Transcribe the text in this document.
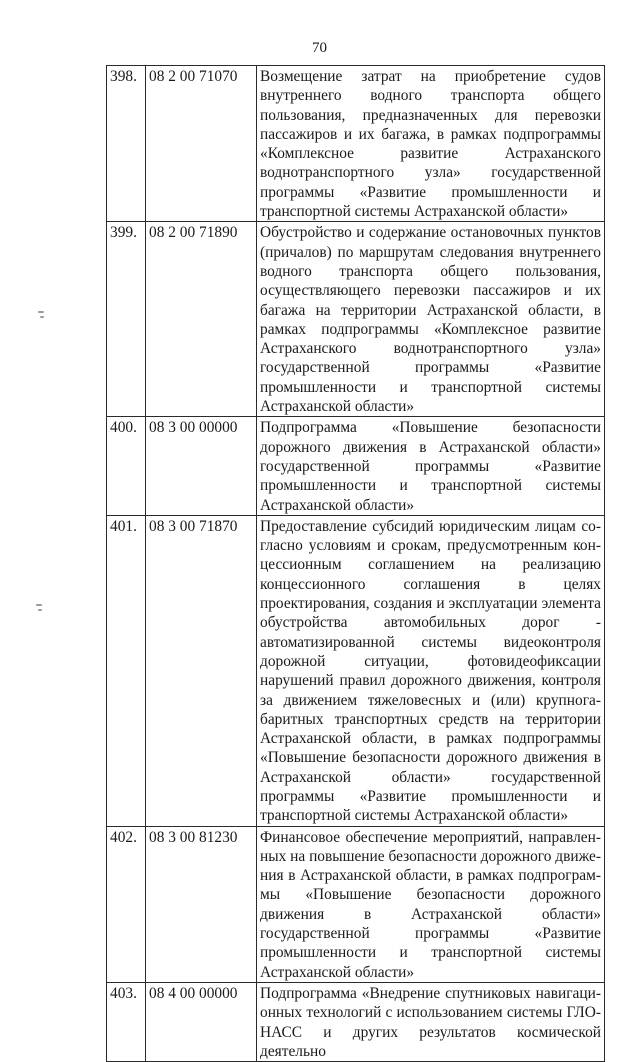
70
398.	08 2 00 71070	Возмещение затрат на приобретение судов внутреннего водного транспорта общего пользования, предназначенных для перевозки пассажиров и их багажа, в рамках подпрограммы «Комплексное развитие Астраханского воднотранспортного узла» государственной программы «Развитие промышленности и транспортной системы Астраханской области»
399.	08 2 00 71890	Обустройство и содержание остановочных пунктов (причалов) по маршрутам следования внутреннего водного транспорта общего пользования, осуществляющего перевозки пассажиров и их багажа на территории Астраханской области, в рамках подпрограммы «Комплексное развитие Астраханского воднотранспортного узла» государственной программы «Развитие промышленности и транспортной системы Астраханской области»
400.	08 3 00 00000	Подпрограмма «Повышение безопасности дорожного движения в Астраханской области» государственной программы «Развитие промышленности и транспортной системы Астраханской области»
401.	08 3 00 71870	Предоставление субсидий юридическим лицам согласно условиям и срокам, предусмотренным концессионным соглашением на реализацию концессионного соглашения в целях проектирования, создания и эксплуатации элемента обустройства автомобильных дорог - автоматизированной системы видеоконтроля дорожной ситуации, фотовидеофиксации нарушений правил дорожного движения, контроля за движением тяжеловесных и (или) крупногабаритных транспортных средств на территории Астраханской области, в рамках подпрограммы «Повышение безопасности дорожного движения в Астраханской области» государственной программы «Развитие промышленности и транспортной системы Астраханской области»
402.	08 3 00 81230	Финансовое обеспечение мероприятий, направленных на повышение безопасности дорожного движения в Астраханской области, в рамках подпрограммы «Повышение безопасности дорожного движения в Астраханской области» государственной программы «Развитие промышленности и транспортной системы Астраханской области»
403.	08 4 00 00000	Подпрограмма «Внедрение спутниковых навигационных технологий с использованием системы ГЛОНАСС и других результатов космической деятельно
